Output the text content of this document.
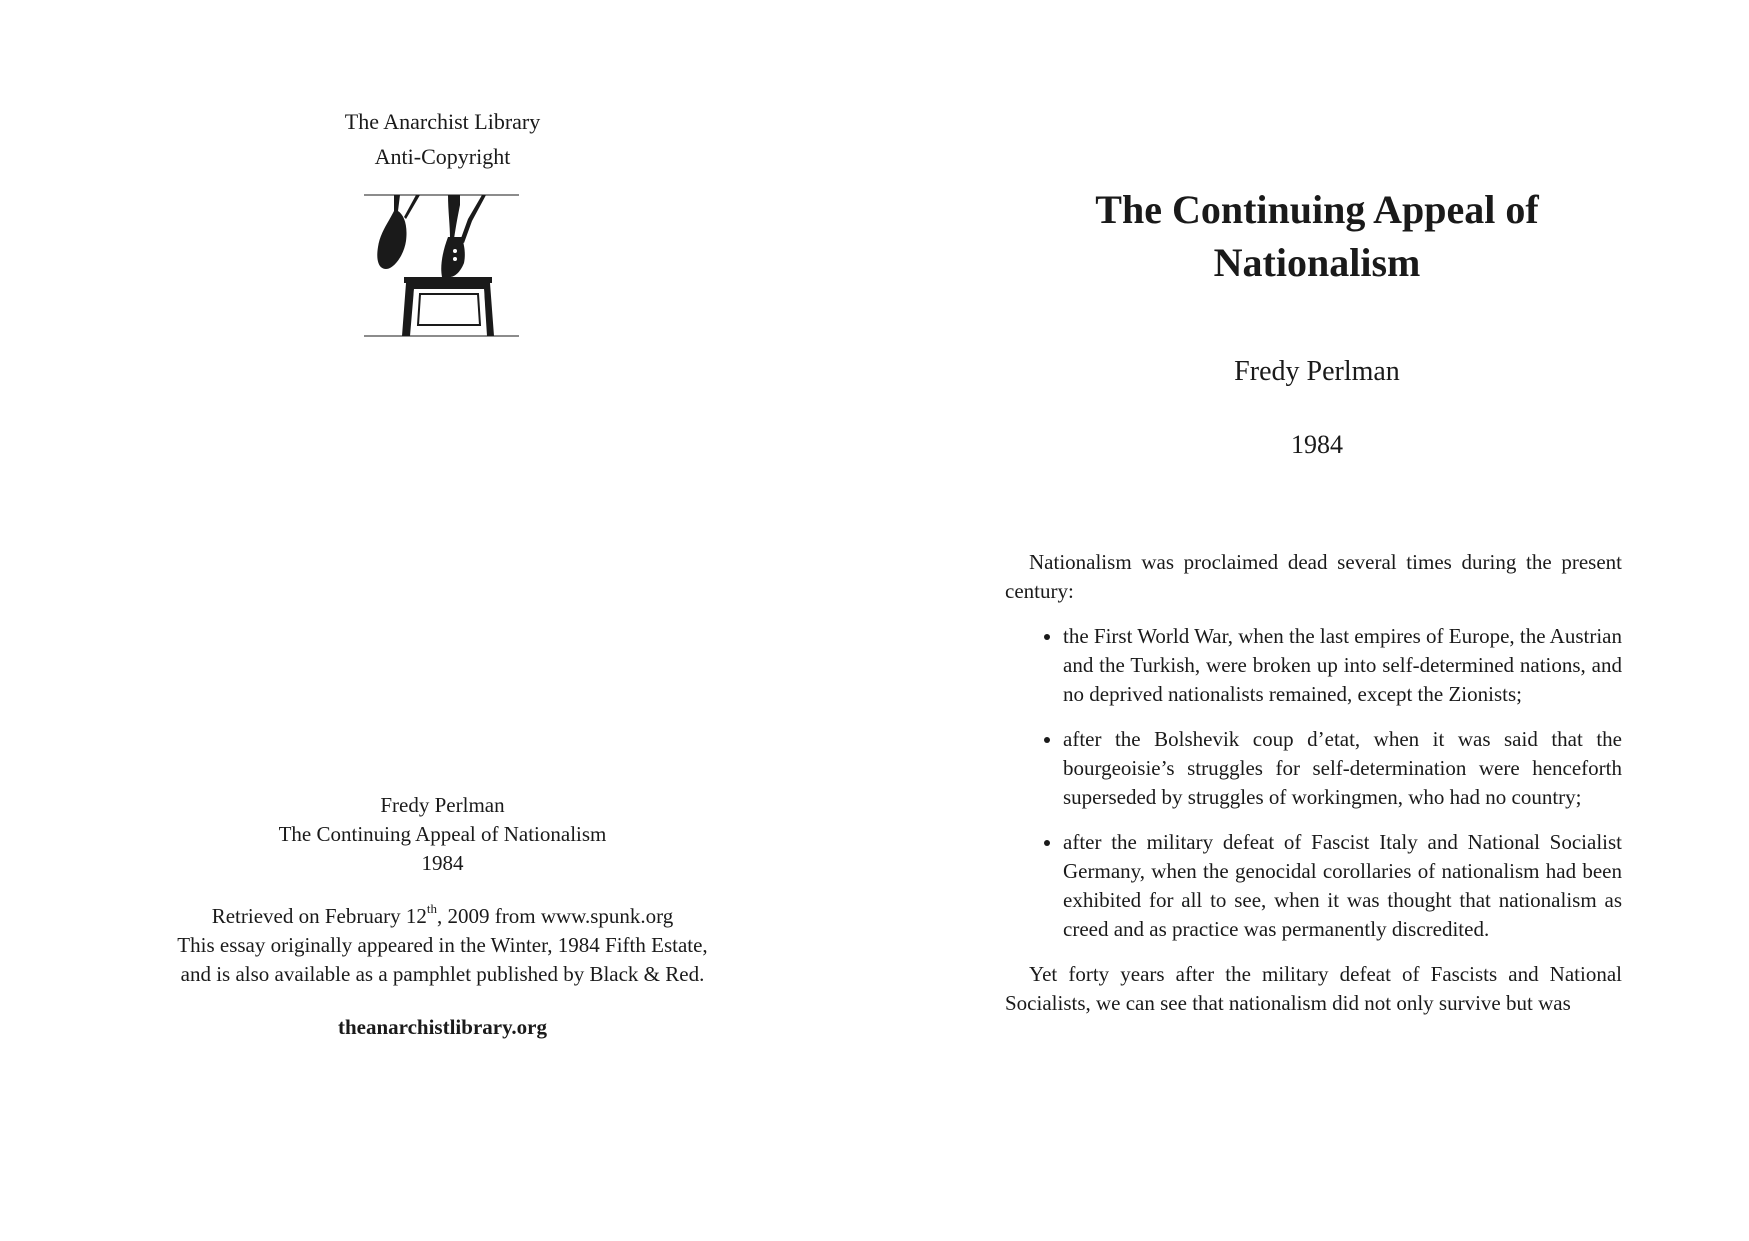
The Anarchist Library
Anti-Copyright

Fredy Perlman

The Continuing Appeal of Nationalism

1984

Retrieved on February 12th, 2009 from www.spunk.org

This essay originally appeared in the Winter, 1984 Fifth Estate,

and is also available as a pamphlet published by Black & Red.

theanarchistlibrary.org

The Continuing Appeal of Nationalism
Fredy Perlman
1984

Nationalism was proclaimed dead several times during the present century:

• the First World War, when the last empires of Europe, the Austrian and the Turkish, were broken up into self-determined nations, and no deprived nationalists remained, except the Zionists;
• after the Bolshevik coup d’etat, when it was said that the bourgeoisie’s struggles for self-determination were henceforth superseded by struggles of workingmen, who had no country;
• after the military defeat of Fascist Italy and National Socialist Germany, when the genocidal corollaries of nationalism had been exhibited for all to see, when it was thought that nationalism as creed and as practice was permanently discredited.

Yet forty years after the military defeat of Fascists and National Socialists, we can see that nationalism did not only survive but was
